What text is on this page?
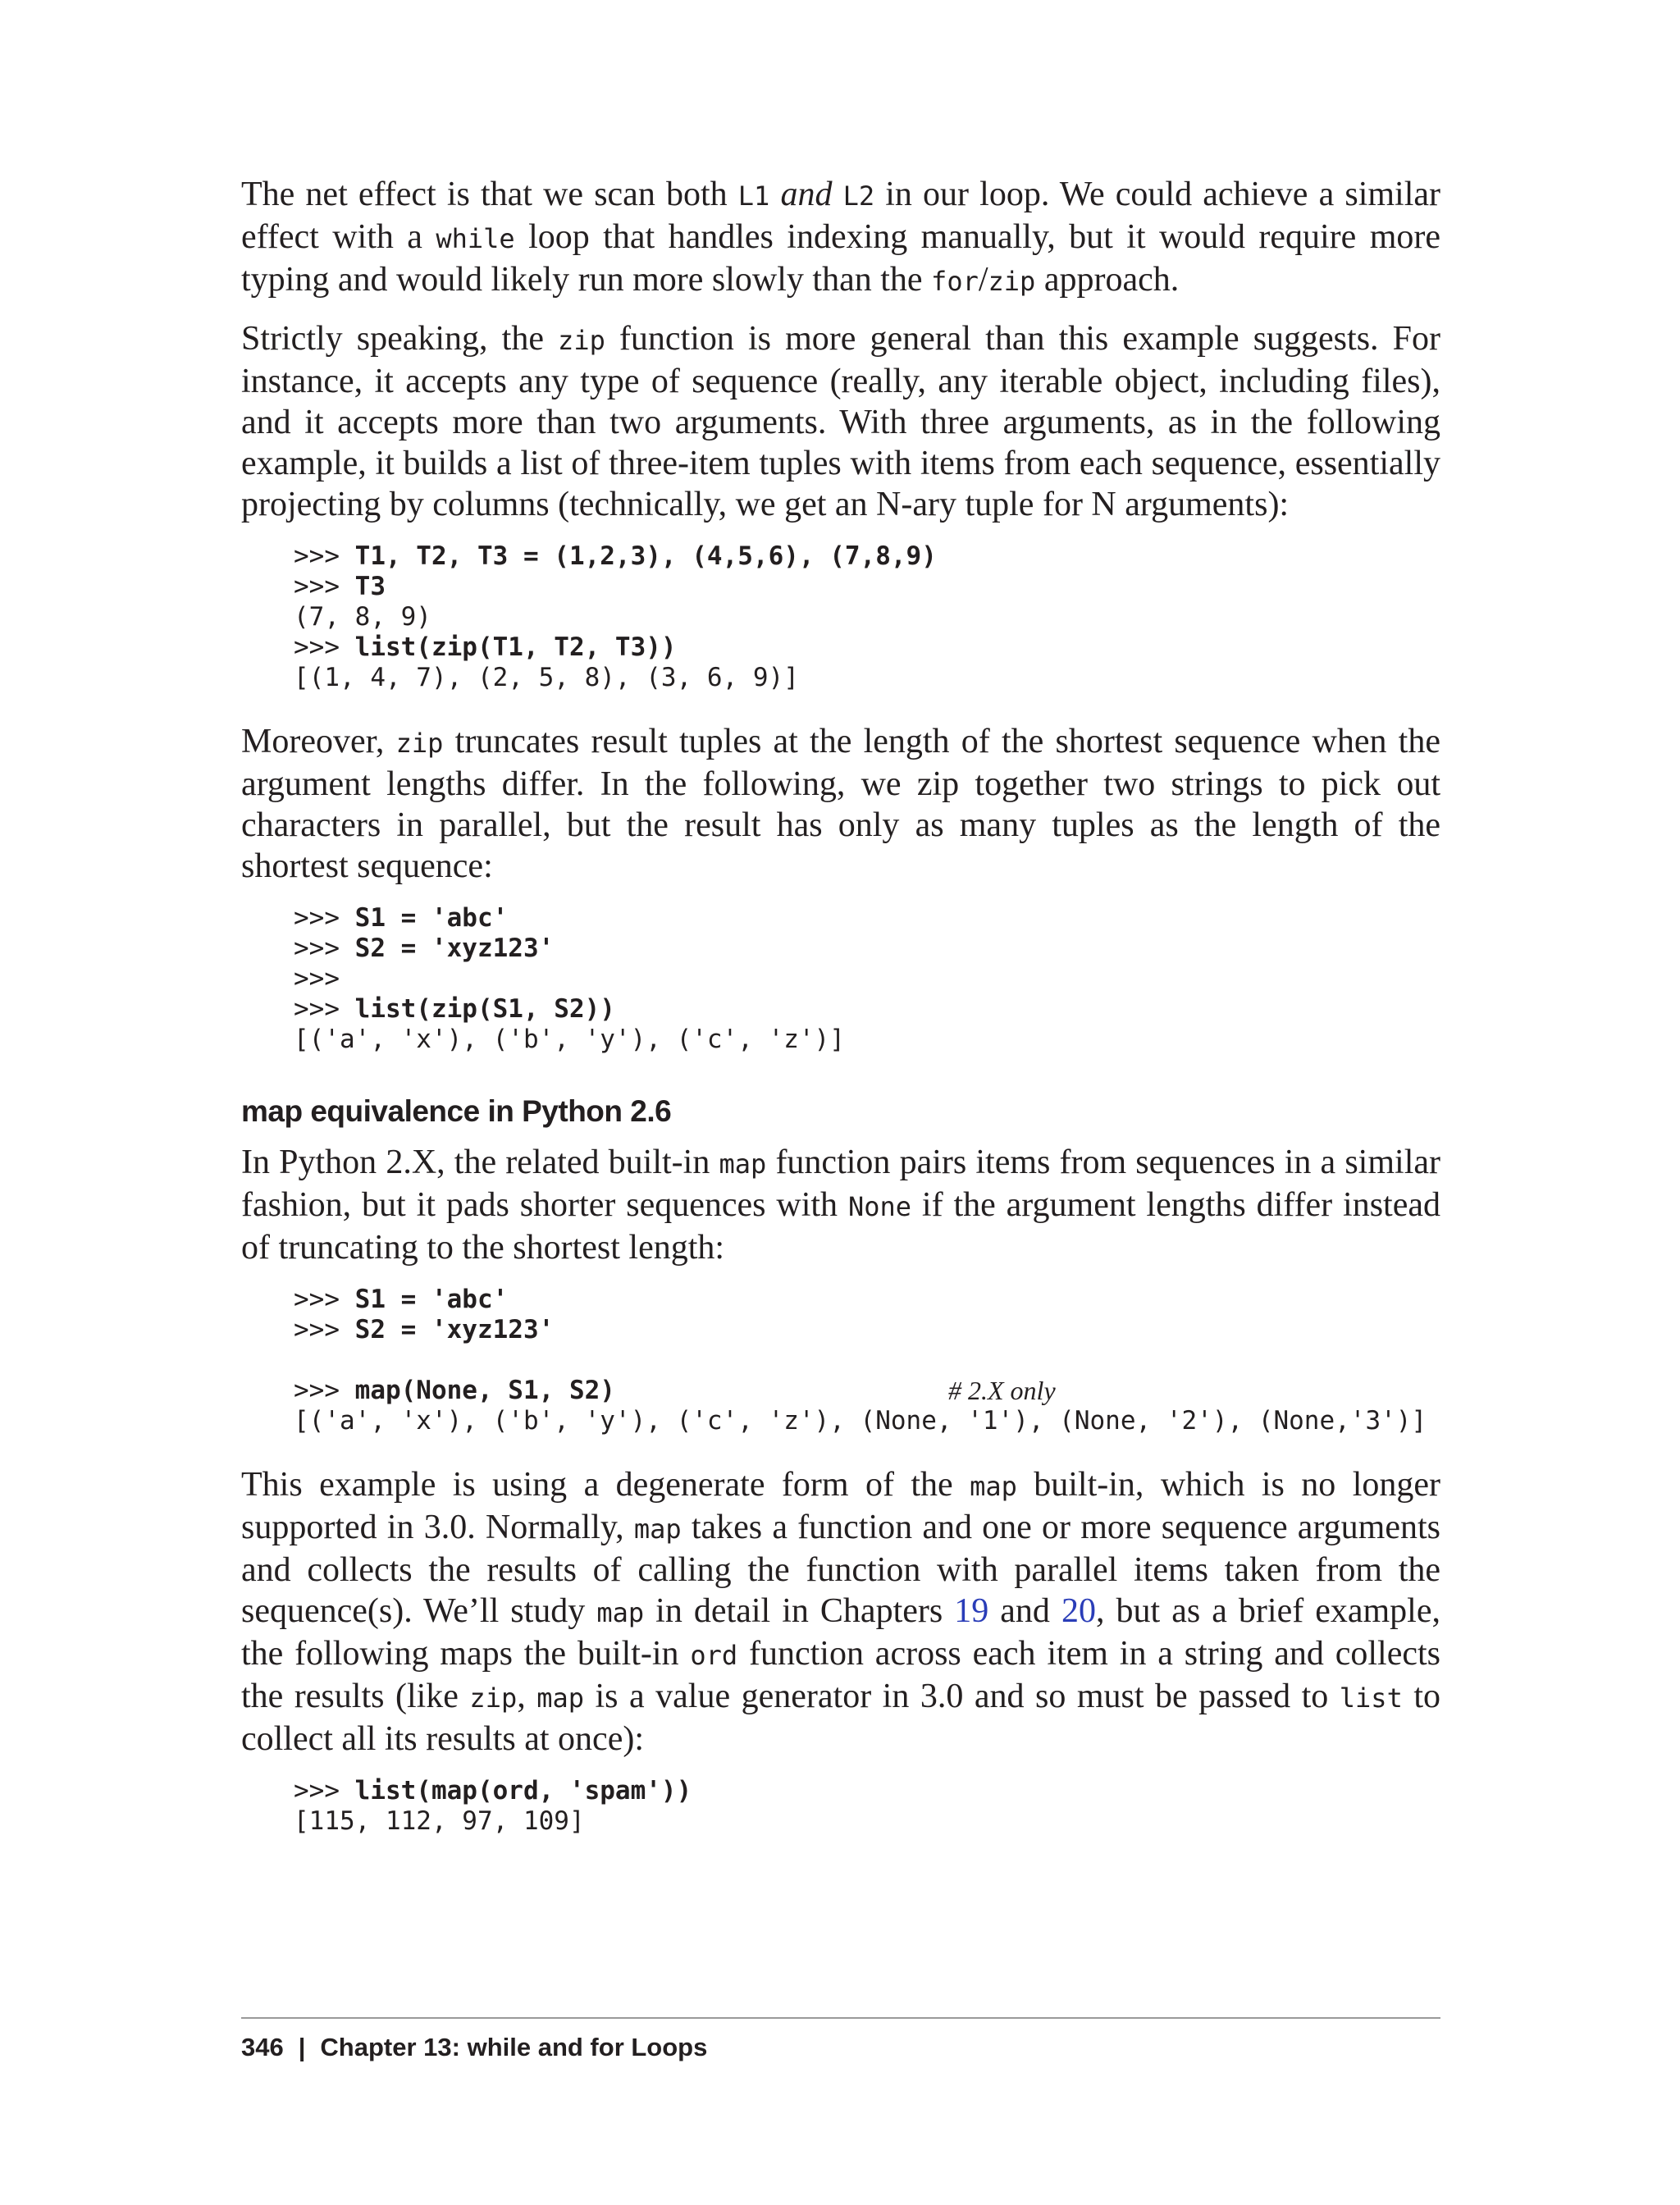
The net effect is that we scan both L1 and L2 in our loop. We could achieve a similar effect with a while loop that handles indexing manually, but it would require more typing and would likely run more slowly than the for/zip approach.

Strictly speaking, the zip function is more general than this example suggests. For instance, it accepts any type of sequence (really, any iterable object, including files), and it accepts more than two arguments. With three arguments, as in the following example, it builds a list of three-item tuples with items from each sequence, essentially projecting by columns (technically, we get an N-ary tuple for N arguments):

>>> T1, T2, T3 = (1,2,3), (4,5,6), (7,8,9)
>>> T3
(7, 8, 9)
>>> list(zip(T1, T2, T3))
[(1, 4, 7), (2, 5, 8), (3, 6, 9)]

Moreover, zip truncates result tuples at the length of the shortest sequence when the argument lengths differ. In the following, we zip together two strings to pick out characters in parallel, but the result has only as many tuples as the length of the shortest sequence:

>>> S1 = 'abc'
>>> S2 = 'xyz123'
>>>
>>> list(zip(S1, S2))
[('a', 'x'), ('b', 'y'), ('c', 'z')]
map equivalence in Python 2.6

In Python 2.X, the related built-in map function pairs items from sequences in a similar fashion, but it pads shorter sequences with None if the argument lengths differ instead of truncating to the shortest length:

>>> S1 = 'abc'
>>> S2 = 'xyz123'
>>> map(None, S1, S2)	# 2.X only
[('a', 'x'), ('b', 'y'), ('c', 'z'), (None, '1'), (None, '2'), (None,'3')]

This example is using a degenerate form of the map built-in, which is no longer supported in 3.0. Normally, map takes a function and one or more sequence arguments and collects the results of calling the function with parallel items taken from the sequence(s). We’ll study map in detail in Chapters 19 and 20, but as a brief example, the following maps the built-in ord function across each item in a string and collects the results (like zip, map is a value generator in 3.0 and so must be passed to list to collect all its results at once):

>>> list(map(ord, 'spam'))
[115, 112, 97, 109]
346 | Chapter 13: while and for Loops
